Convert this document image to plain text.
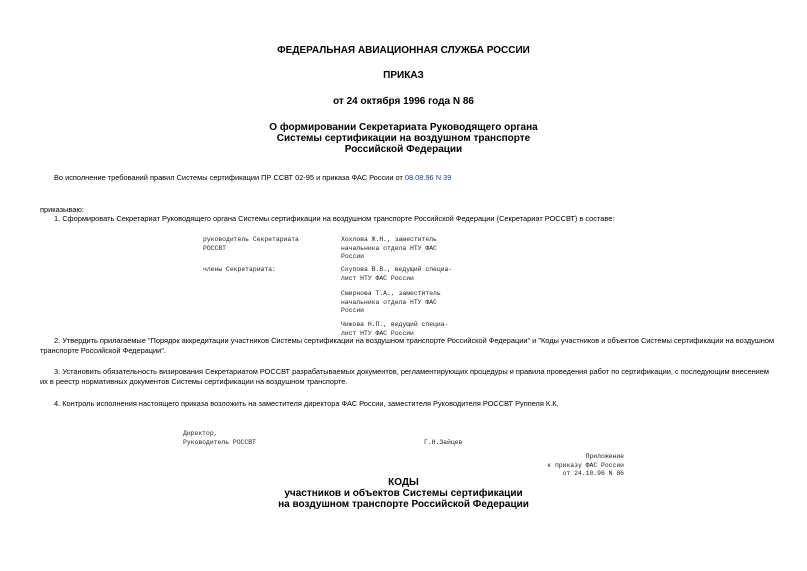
ФЕДЕРАЛЬНАЯ АВИАЦИОННАЯ СЛУЖБА РОССИИ
ПРИКАЗ
от 24 октября 1996 года N 86
О формировании Секретариата Руководящего органа
Системы сертификации на воздушном транспорте
Российской Федерации
Во исполнение требований правил Системы сертификации ПР ССВТ 02-95 и приказа ФАС России от 08.08.96 N 39
приказываю:
1. Сформировать Секретариат Руководящего органа Системы сертификации на воздушном транспорте Российской Федерации (Секретариат РОССВТ) в составе:
руководитель Секретариата
РОССВТ
Хохлова Ж.Н., заместитель
начальника отдела НТУ ФАС
России
члены Секретариата:	Скупова В.В., ведущий специа-
лист НТУ ФАС России
Смирнова Т.А., заместитель
начальника отдела НТУ ФАС
России
Чижова Н.П., ведущий специа-
лист НТУ ФАС России
2. Утвердить прилагаемые "Порядок аккредитации участников Системы сертификации на воздушном транспорте Российской Федерации" и "Коды участников и объектов Системы сертификации на воздушном транспорте Российской Федерации".
3. Установить обязательность визирования Секретариатом РОССВТ разрабатываемых документов, регламентирующих процедуры и правила проведения работ по сертификации, с последующим внесением их в реестр нормативных документов Системы сертификации на воздушном транспорте.
4. Контроль исполнения настоящего приказа возложить на заместителя директора ФАС России, заместителя Руководителя РОССВТ Руппеля К.К.
Директор,
Руководитель РОССВТ	Г.Н.Зайцев
Приложение
к приказу ФАС России
от 24.10.96 N 86
КОДЫ
участников и объектов Системы сертификации
на воздушном транспорте Российской Федерации
